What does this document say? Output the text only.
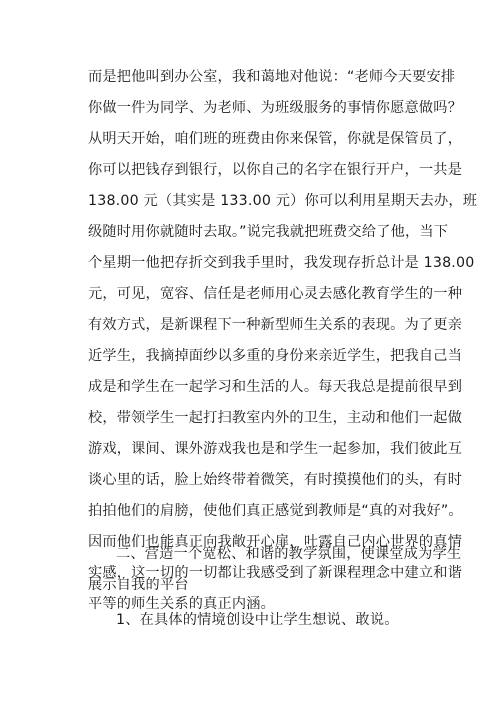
而是把他叫到办公室，我和蔼地对他说：“老师今天要安排
你做一件为同学、为老师、为班级服务的事情你愿意做吗？
从明天开始，咱们班的班费由你来保管，你就是保管员了，
你可以把钱存到银行，以你自己的名字在银行开户，一共是
138.00 元（其实是 133.00 元）你可以利用星期天去办，班
级随时用你就随时去取。”说完我就把班费交给了他，当下
个星期一他把存折交到我手里时，我发现存折总计是 138.00
元，可见，宽容、信任是老师用心灵去感化教育学生的一种
有效方式，是新课程下一种新型师生关系的表现。为了更亲
近学生，我摘掉面纱以多重的身份来亲近学生，把我自己当
成是和学生在一起学习和生活的人。每天我总是提前很早到
校，带领学生一起打扫教室内外的卫生，主动和他们一起做
游戏，课间、课外游戏我也是和学生一起参加，我们彼此互
谈心里的话，脸上始终带着微笑，有时摸摸他们的头，有时
拍拍他们的肩膀，使他们真正感觉到教师是“真的对我好”。
因而他们也能真正向我敞开心扉，吐露自己内心世界的真情
实感，这一切的一切都让我感受到了新课程理念中建立和谐
平等的师生关系的真正内涵。
二、营造一个宽松、和谐的教学氛围，使课堂成为学生
展示自我的平台
1、在具体的情境创设中让学生想说、敢说。
